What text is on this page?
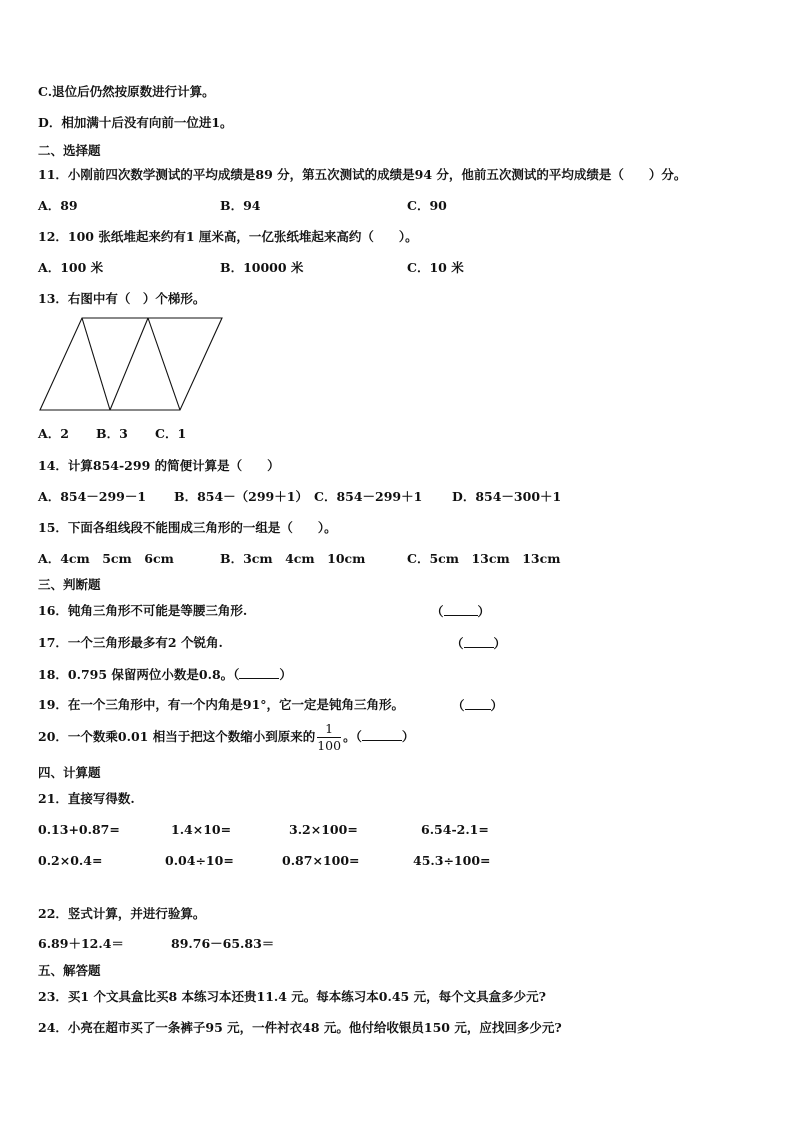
C.退位后仍然按原数进行计算。
D．相加满十后没有向前一位进1。
二、选择题
11．小刚前四次数学测试的平均成绩是89 分，第五次测试的成绩是94 分，他前五次测试的平均成绩是（　　）分。
A．89	B．94	C．90
12．100 张纸堆起来约有1 厘米高，一亿张纸堆起来高约（　　）。
A．100 米	B．10000 米	C．10 米
13．右图中有（　）个梯形。
A．2 B．3 C．1
14．计算854-299 的简便计算是（　　）
A．854－299－1 B．854－（299＋1） C．854－299＋1 D．854－300＋1
15．下面各组线段不能围成三角形的一组是（　　）。
A．4cm　5cm　6cm	B．3cm　4cm　10cm	C．5cm　13cm　13cm
三、判断题
16．钝角三角形不可能是等腰三角形.	（	）
17．一个三角形最多有2 个锐角.	（ ）
18．0.795 保留两位小数是0.8。（	）
19．在一个三角形中，有一个内角是91°，它一定是钝角三角形。	（ ）
20．一个数乘0.01 相当于把这个数缩小到原来的 $\frac{1}{100}$ 。（	）
四、计算题
21．直接写得数.
0.13+0.87=	1.4×10=	3.2×100=	6.54-2.1=
0.2×0.4=	0.04÷10=	0.87×100=	45.3÷100=
22．竖式计算，并进行验算。
6.89＋12.4＝	89.76－65.83＝
五、解答题
23．买1 个文具盒比买8 本练习本还贵11.4 元。每本练习本0.45 元，每个文具盒多少元?
24．小亮在超市买了一条裤子95 元，一件衬衣48 元。他付给收银员150 元，应找回多少元?
